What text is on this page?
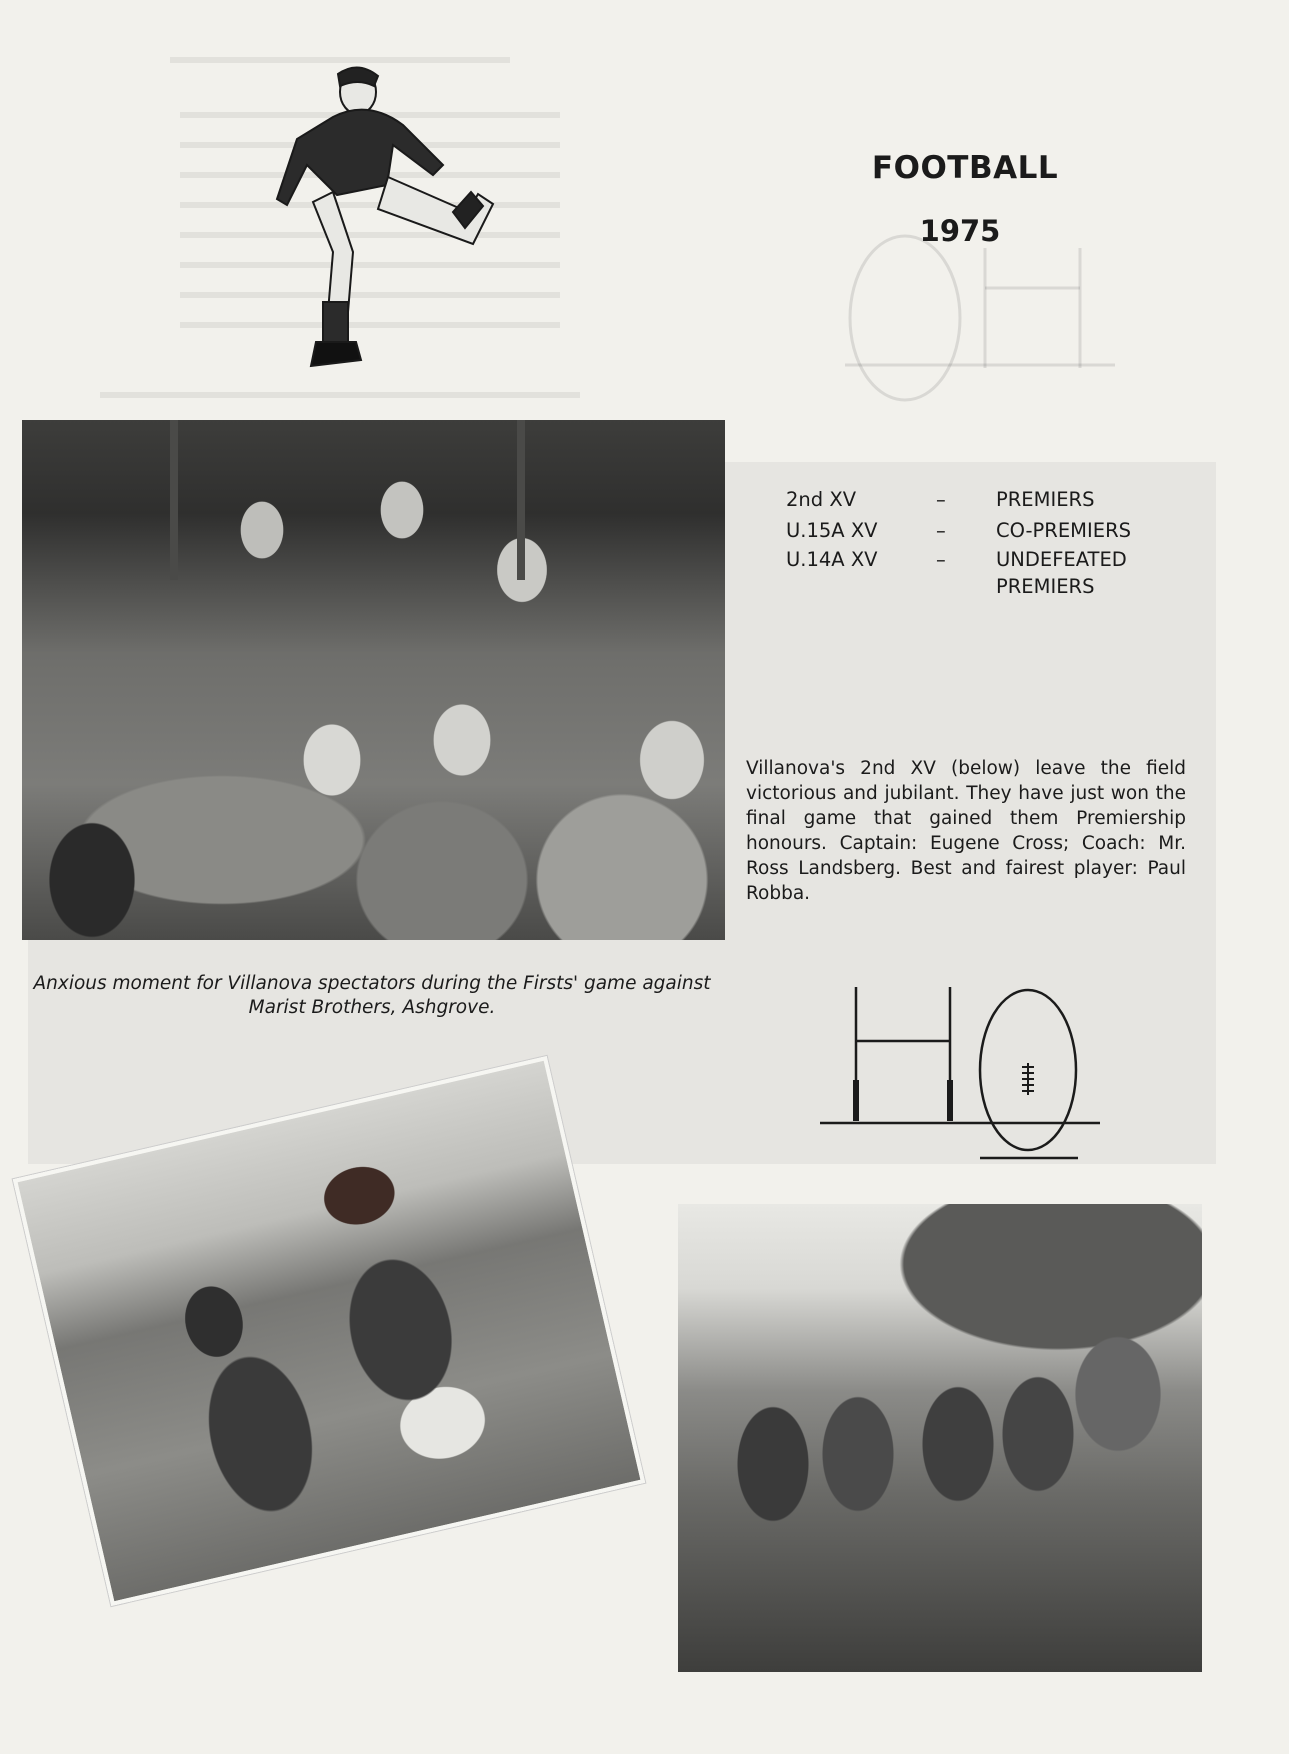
FOOTBALL
1975
2nd XV	–	PREMIERS
U.15A XV	–	CO-PREMIERS
U.14A XV	–	UNDEFEATED PREMIERS
Villanova's 2nd XV (below) leave the field victorious and jubilant. They have just won the final game that gained them Premiership honours. Captain: Eugene Cross; Coach: Mr. Ross Landsberg. Best and fairest player: Paul Robba.
Anxious moment for Villanova spectators during the Firsts' game against Marist Brothers, Ashgrove.
